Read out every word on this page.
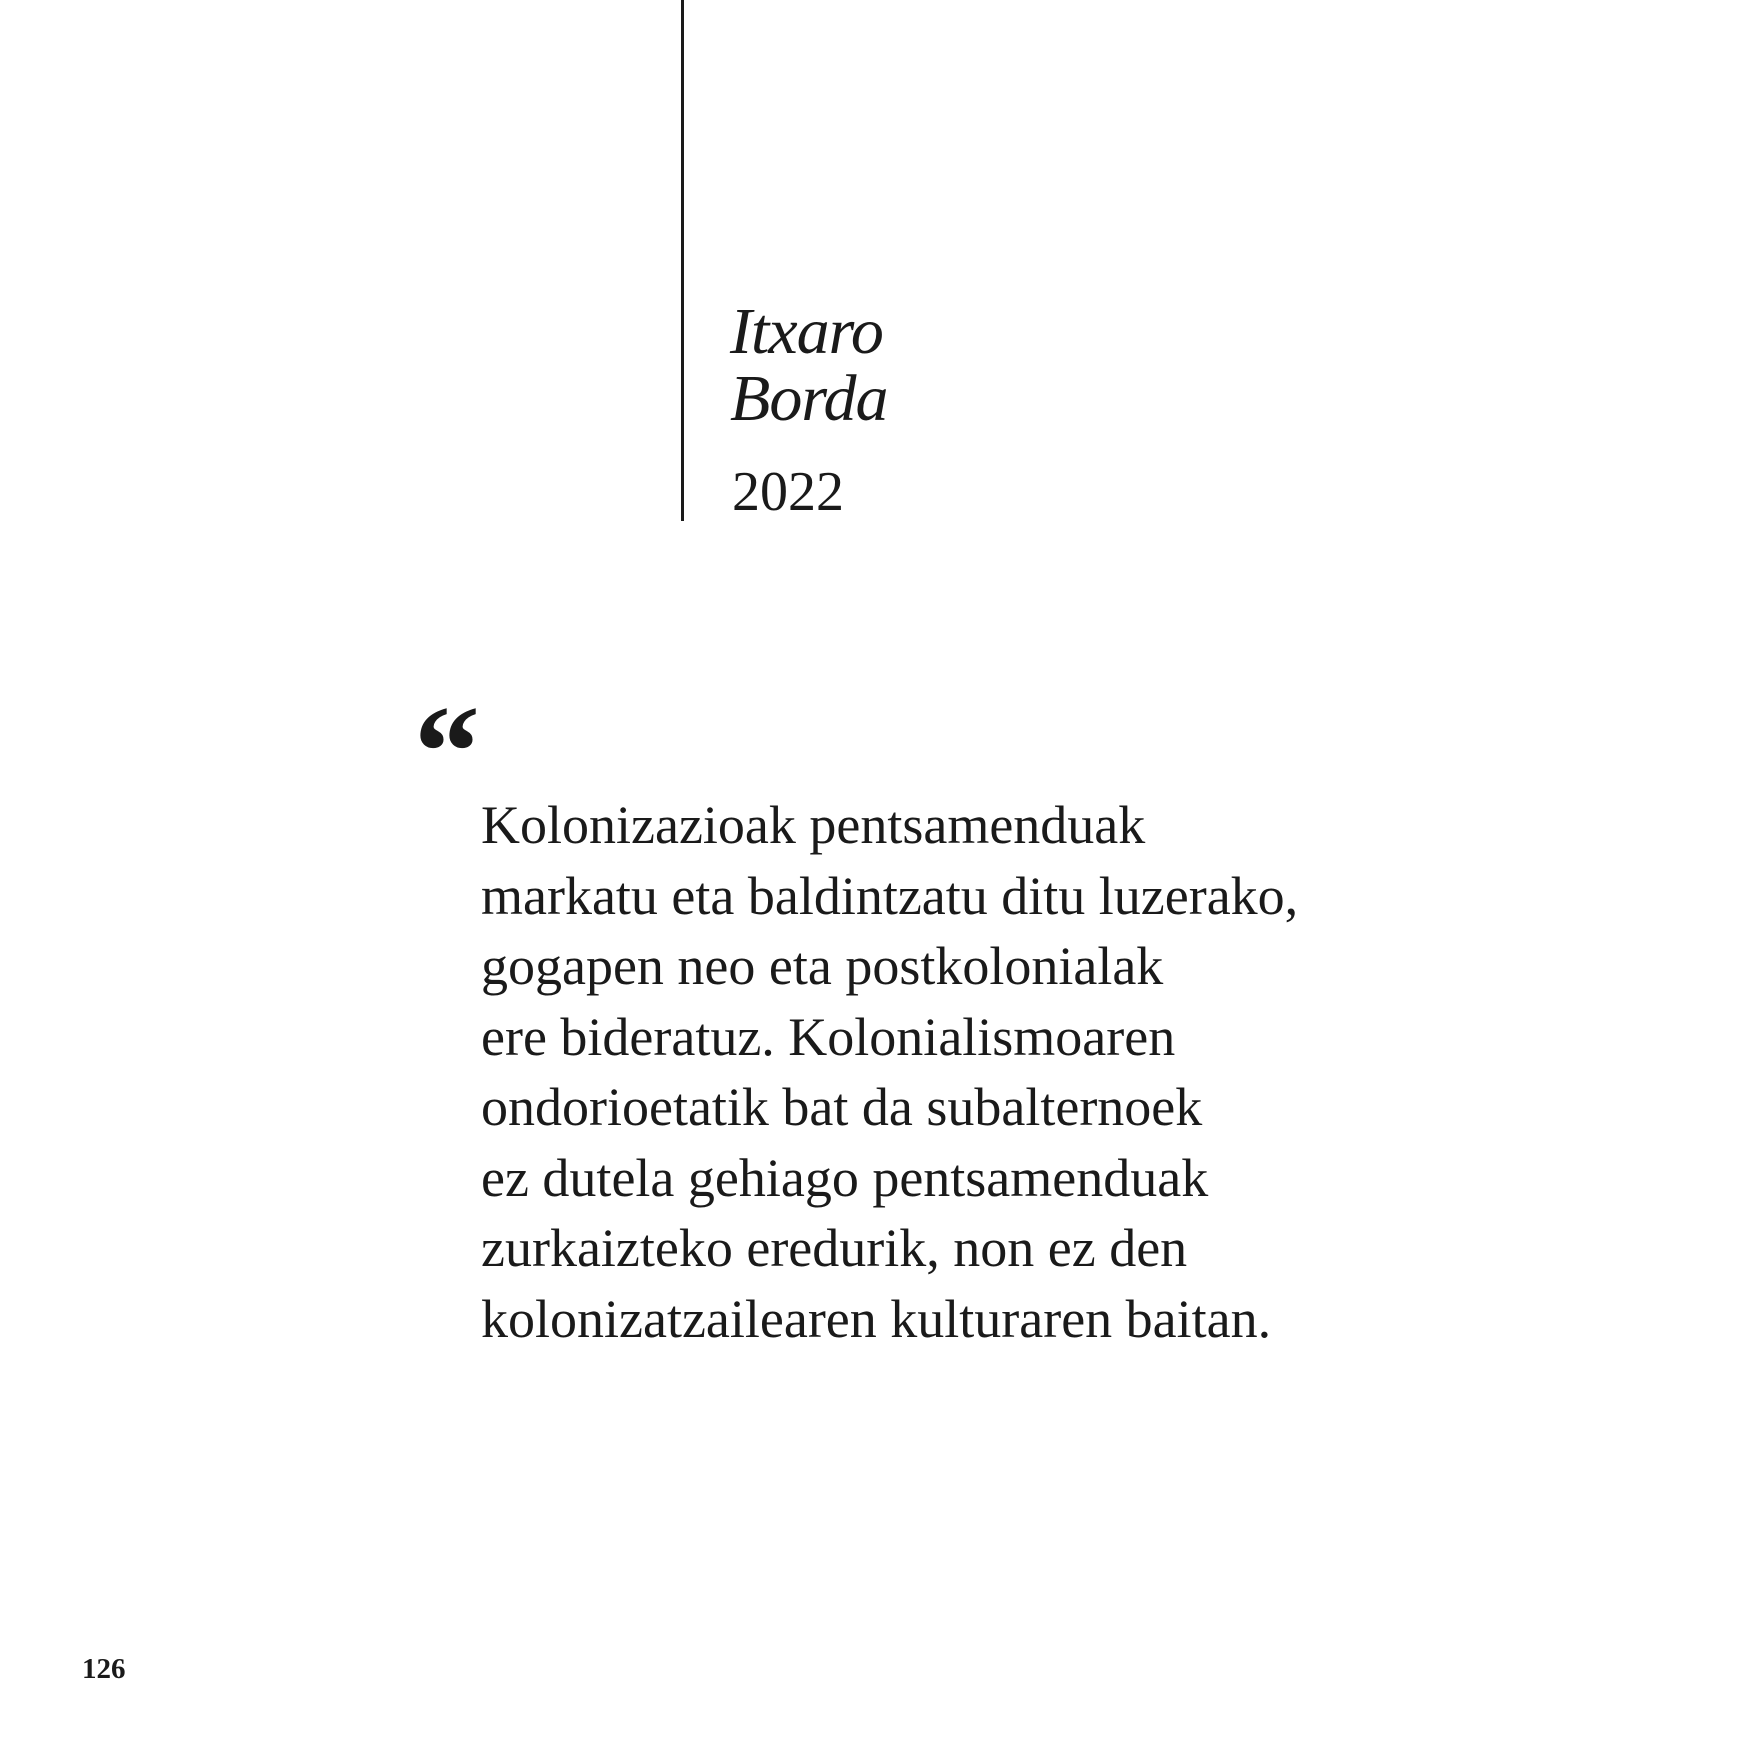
Itxaro
Borda
2022
“ Kolonizazioak pentsamenduak
markatu eta baldintzatu ditu luzerako,
gogapen neo eta postkolonialak
ere bideratuz. Kolonialismoaren
ondorioetatik bat da subalternoek
ez dutela gehiago pentsamenduak
zurkaizteko eredurik, non ez den
kolonizatzailearen kulturaren baitan.
126
